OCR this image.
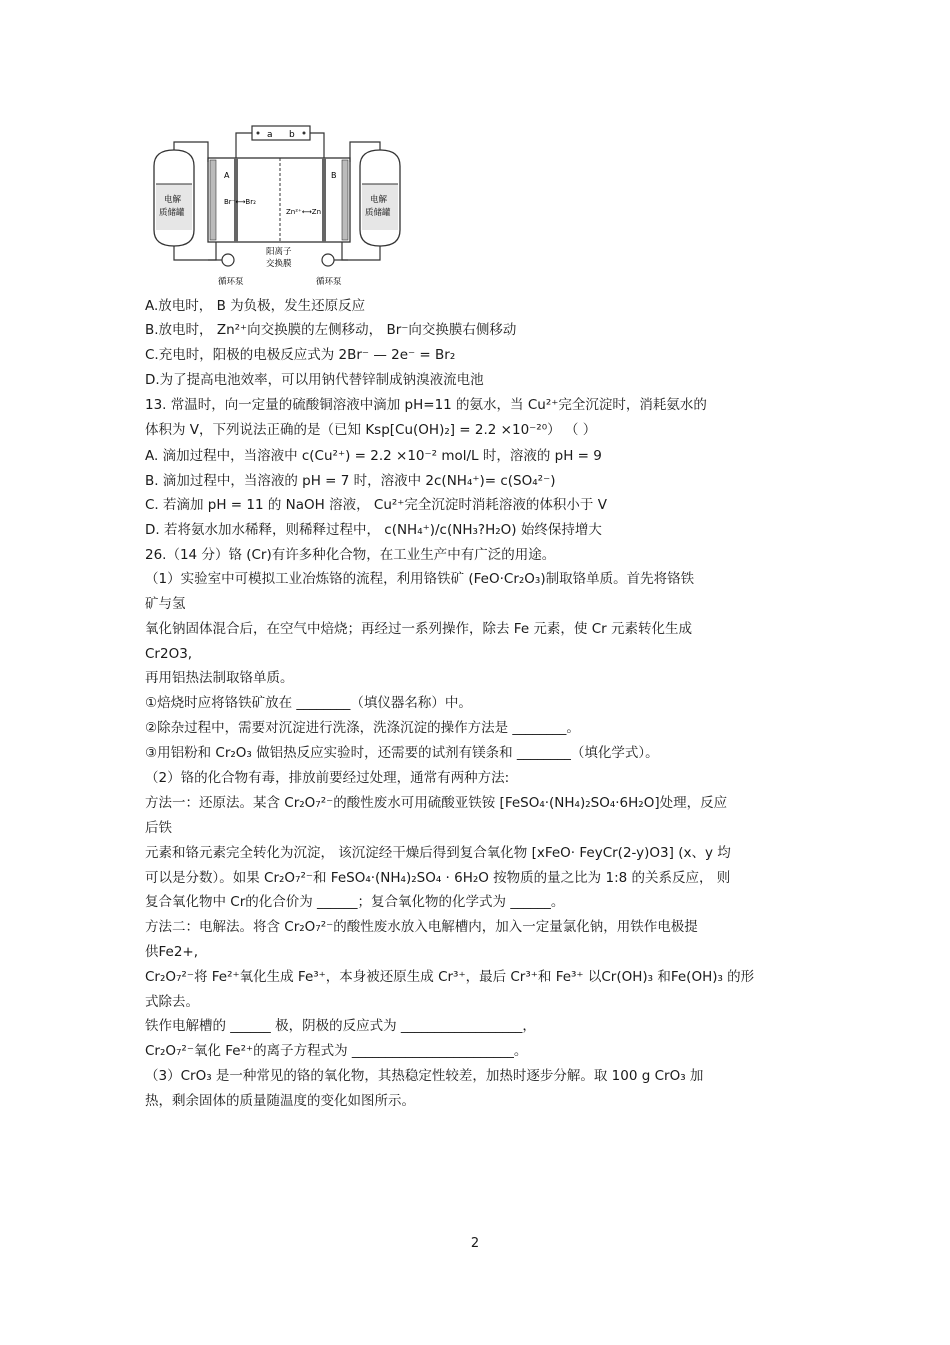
a b
电解
质储罐
电解
质储罐
A	B
Br⁻⟷Br₂
Zn²⁺⟷Zn
循环泵	循环泵
阳离子
交换膜
A.放电时， B 为负极，发生还原反应
B.放电时， Zn²⁺向交换膜的左侧移动， Br⁻向交换膜右侧移动
C.充电时，阳极的电极反应式为 2Br⁻ — 2e⁻ = Br₂
D.为了提高电池效率，可以用钠代替锌制成钠溴液流电池
13. 常温时，向一定量的硫酸铜溶液中滴加 pH=11 的氨水，当 Cu²⁺完全沉淀时，消耗氨水的
体积为 V，下列说法正确的是（已知 Ksp[Cu(OH)₂] = 2.2 ×10⁻²⁰） （ ）
A. 滴加过程中，当溶液中 c(Cu²⁺) = 2.2 ×10⁻² mol/L 时，溶液的 pH = 9
B. 滴加过程中，当溶液的 pH = 7 时，溶液中 2c(NH₄⁺)= c(SO₄²⁻)
C. 若滴加 pH = 11 的 NaOH 溶液， Cu²⁺完全沉淀时消耗溶液的体积小于 V
D. 若将氨水加水稀释，则稀释过程中， c(NH₄⁺)/c(NH₃?H₂O) 始终保持增大
26.（14 分）铬 (Cr)有许多种化合物，在工业生产中有广泛的用途。
（1）实验室中可模拟工业冶炼铬的流程，利用铬铁矿 (FeO·Cr₂O₃)制取铬单质。首先将铬铁
矿与氢
氧化钠固体混合后，在空气中焙烧；再经过一系列操作，除去 Fe 元素，使 Cr 元素转化生成
Cr2O3,
再用铝热法制取铬单质。
①焙烧时应将铬铁矿放在 ________（填仪器名称）中。
②除杂过程中，需要对沉淀进行洗涤，洗涤沉淀的操作方法是 ________。
③用铝粉和 Cr₂O₃ 做铝热反应实验时，还需要的试剂有镁条和 ________（填化学式）。
（2）铬的化合物有毒，排放前要经过处理，通常有两种方法:
方法一：还原法。某含 Cr₂O₇²⁻的酸性废水可用硫酸亚铁铵 [FeSO₄·(NH₄)₂SO₄·6H₂O]处理，反应
后铁
元素和铬元素完全转化为沉淀， 该沉淀经干燥后得到复合氧化物 [xFeO· FeyCr(2-y)O3] (x、y 均
可以是分数）。如果 Cr₂O₇²⁻和 FeSO₄·(NH₄)₂SO₄ · 6H₂O 按物质的量之比为 1:8 的关系反应， 则
复合氧化物中 Cr的化合价为 ______；复合氧化物的化学式为 ______。
方法二：电解法。将含 Cr₂O₇²⁻的酸性废水放入电解槽内，加入一定量氯化钠，用铁作电极提
供Fe2+,
Cr₂O₇²⁻将 Fe²⁺氧化生成 Fe³⁺，本身被还原生成 Cr³⁺，最后 Cr³⁺和 Fe³⁺ 以Cr(OH)₃ 和Fe(OH)₃ 的形
式除去。
铁作电解槽的 ______ 极，阴极的反应式为 __________________，
Cr₂O₇²⁻氧化 Fe²⁺的离子方程式为 ________________________。
（3）CrO₃ 是一种常见的铬的氧化物，其热稳定性较差，加热时逐步分解。取 100 g CrO₃ 加
热，剩余固体的质量随温度的变化如图所示。
2
